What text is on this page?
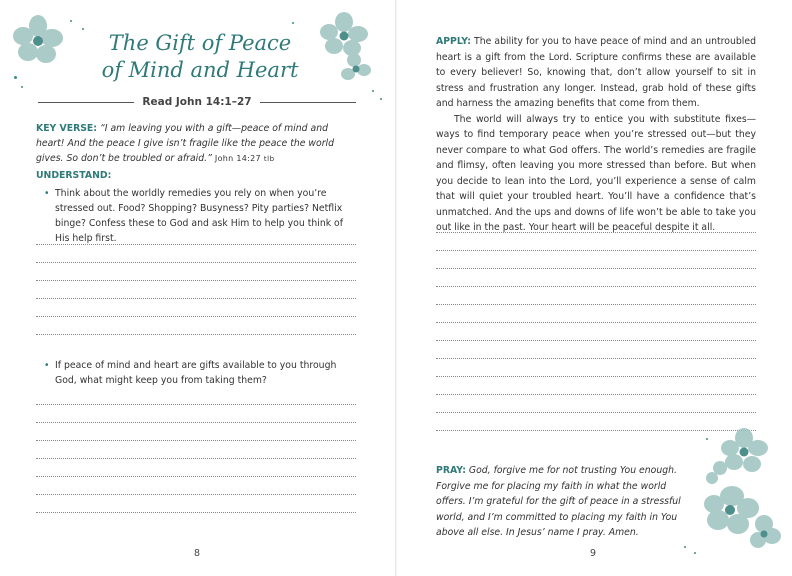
The Gift of Peace
of Mind and Heart
Read John 14:1–27
KEY VERSE: “I am leaving you with a gift—peace of mind and heart! And the peace I give isn’t fragile like the peace the world gives. So don’t be troubled or afraid.” John 14:27 tlb
UNDERSTAND:
• Think about the worldly remedies you rely on when you’re stressed out. Food? Shopping? Busyness? Pity parties? Netflix binge? Confess these to God and ask Him to help you think of His help first.
• If peace of mind and heart are gifts available to you through God, what might keep you from taking them?
8

APPLY: The ability for you to have peace of mind and an untroubled heart is a gift from the Lord. Scripture confirms these are available to every believer! So, knowing that, don’t allow yourself to sit in stress and frustration any longer. Instead, grab hold of these gifts and harness the amazing benefits that come from them.

The world will always try to entice you with substitute fixes—ways to find temporary peace when you’re stressed out—but they never compare to what God offers. The world’s remedies are fragile and flimsy, often leaving you more stressed than before. But when you decide to lean into the Lord, you’ll experience a sense of calm that will quiet your troubled heart. You’ll have a confidence that’s unmatched. And the ups and downs of life won’t be able to take you out like in the past. Your heart will be peaceful despite it all.

PRAY: God, forgive me for not trusting You enough. Forgive me for placing my faith in what the world offers. I’m grateful for the gift of peace in a stressful world, and I’m committed to placing my faith in You above all else. In Jesus’ name I pray. Amen.
9
